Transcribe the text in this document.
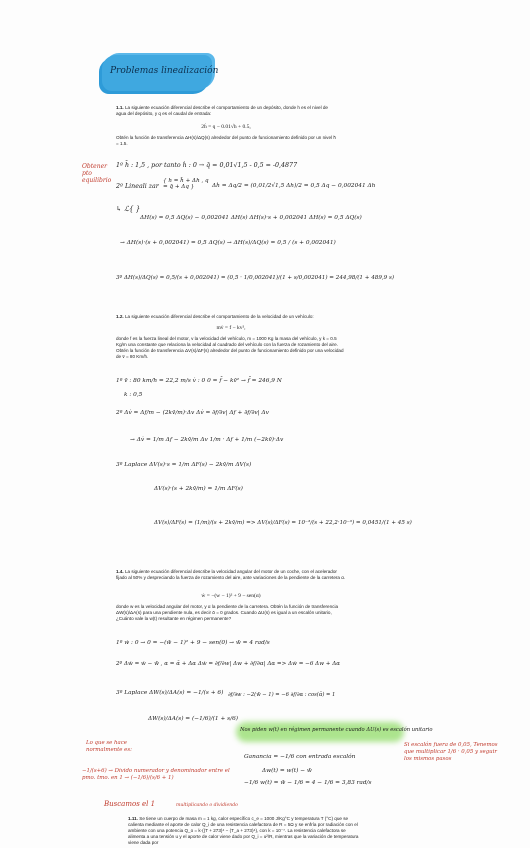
Problemas linealización
1.1. La siguiente ecuación diferencial describe el comportamiento de un depósito, donde h es el nivel de agua del depósito, y q es el caudal de entrada:
2ḣ = q − 0.01√h + 0.5,
Obtén la función de transferencia ΔH(s)/ΔQ(s) alrededor del punto de funcionamiento definido por un nivel h̄ = 1.5.
Obtener pto equilibrio
1º h̄ : 1,5 , por tanto ḣ : 0 → q̄ = 0,01√1,5 - 0,5 = -0,4877
2º Lineali zar
{ h = h̄ + Δh , q = q̄ + Δq }	Δḣ = Δq/2 = (0,01/2√1,5 Δh)/2 = 0,5 Δq − 0,002041 Δh
↳ ℒ{ }
ΔH(s) = 0,5 ΔQ(s) − 0,002041 ΔH(s) ΔH(s)·s + 0,002041 ΔH(s) = 0,5 ΔQ(s)
→ ΔH(s)·(s + 0,002041) = 0,5 ΔQ(s) → ΔH(s)/ΔQ(s) = 0,5 / (s + 0,002041)
3º ΔH(s)/ΔQ(s) = 0,5/(s + 0,002041) = (0,5 · 1/0,002041)/(1 + s/0,002041) = 244,98/(1 + 489,9 s)
1.2. La siguiente ecuación diferencial describe el comportamiento de la velocidad de un vehículo:
mv̇ = f − kv²,
donde f es la fuerza lineal del motor, v la velocidad del vehículo, m = 1000 Kg la masa del vehículo, y k = 0.5 Kg/m una constante que relaciona la velocidad al cuadrado del vehículo con la fuerza de rozamiento del aire. Obtén la función de transferencia ΔV(s)/ΔF(s) alrededor del punto de funcionamiento definido por una velocidad de v̄ = 80 Km/h.
1º v̄ : 80 km/h = 22,2 m/s v̇ : 0 0 = f̄ − kv̄² → f̄ = 246,9 N
k : 0,5
2º Δv̇ = Δf/m − (2kv̄/m)·Δv Δv̇ = ∂f/∂v| Δf + ∂f/∂v| Δv
→ Δv̇ = 1/m Δf − 2kv̄/m Δv 1/m · Δf + 1/m (−2kv̄)·Δv
3º Laplace ΔV(s)·s = 1/m ΔF(s) − 2kv̄/m ΔV(s)
ΔV(s)·(s + 2kv̄/m) = 1/m ΔF(s)
ΔV(s)/ΔF(s) = (1/m)/(s + 2kv̄/m) => ΔV(s)/ΔF(s) = 10⁻³/(s + 22,2·10⁻³) = 0,0451/(1 + 45 s)
1.4. La siguiente ecuación diferencial describe la velocidad angular del motor de un coche, con el acelerador fijado al 50% y despreciando la fuerza de rozamiento del aire, ante variaciones de la pendiente de la carretera α.
ẇ = −(w − 1)² + 9 − sen(α)
donde w es la velocidad angular del motor, y α la pendiente de la carretera. Obtén la función de transferencia ΔW(s)/ΔA(s) para una pendiente nula, es decir ᾱ = 0 grados. Cuando ΔU(s) es igual a un escalón unitario, ¿Cuánto vale la w(t) resultante en régimen permanente?
1º ẇ : 0 → 0 = −(w̄ − 1)² + 9 − sen(0) → w̄ = 4 rad/s
2º Δẇ = ẇ − w̄ , α = ᾱ + Δα Δẇ = ∂f/∂w| Δw + ∂f/∂α| Δα => Δẇ = −6 Δw + Δα
3º Laplace ΔW(s)/ΔA(s) = −1/(s + 6) ∂f/∂w : −2(w̄ − 1) = −6 ∂f/∂α : cos(ᾱ) = 1
ΔW(s)/ΔA(s) = (−1/6)/(1 + s/6)
Lo que se hace normalmente es:
−1/(s+6) → Divido numerador y denominador entre el pmo. tmo. en 1 → (−1/6)/(s/6 + 1)
Buscamos el 1	multiplicando o dividiendo
Nos piden w(t) en régimen permanente cuando ΔU(s) es escalón unitario
Ganancia = −1/6 con entrada escalón
Δw(t) = w(t) − w̄
−1/6 w(t) = w̄ − 1/6 = 4 − 1/6 = 3,83 rad/s
Si escalón fuera de 0,05, Tenemos que multiplicar 1/6 · 0,05 y seguir los mismos pasos
1.11. Se tiene un cuerpo de masa m = 1 kg, calor específico c_e = 1000 J/Kg°C y temperatura T (°C) que se calienta mediante el aporte de calor Q_i de una resistencia calefactora de R = 5Ω y se enfría por radiación con el ambiente con una potencia Q_o = k·((T + 273)⁴ − (T_a + 273)⁴), con k = 10⁻⁷. La resistencia calefactora se alimenta a una tensión u y el aporte de calor viene dado por Q_i = u²/R, mientras que la variación de temperatura viene dada por
